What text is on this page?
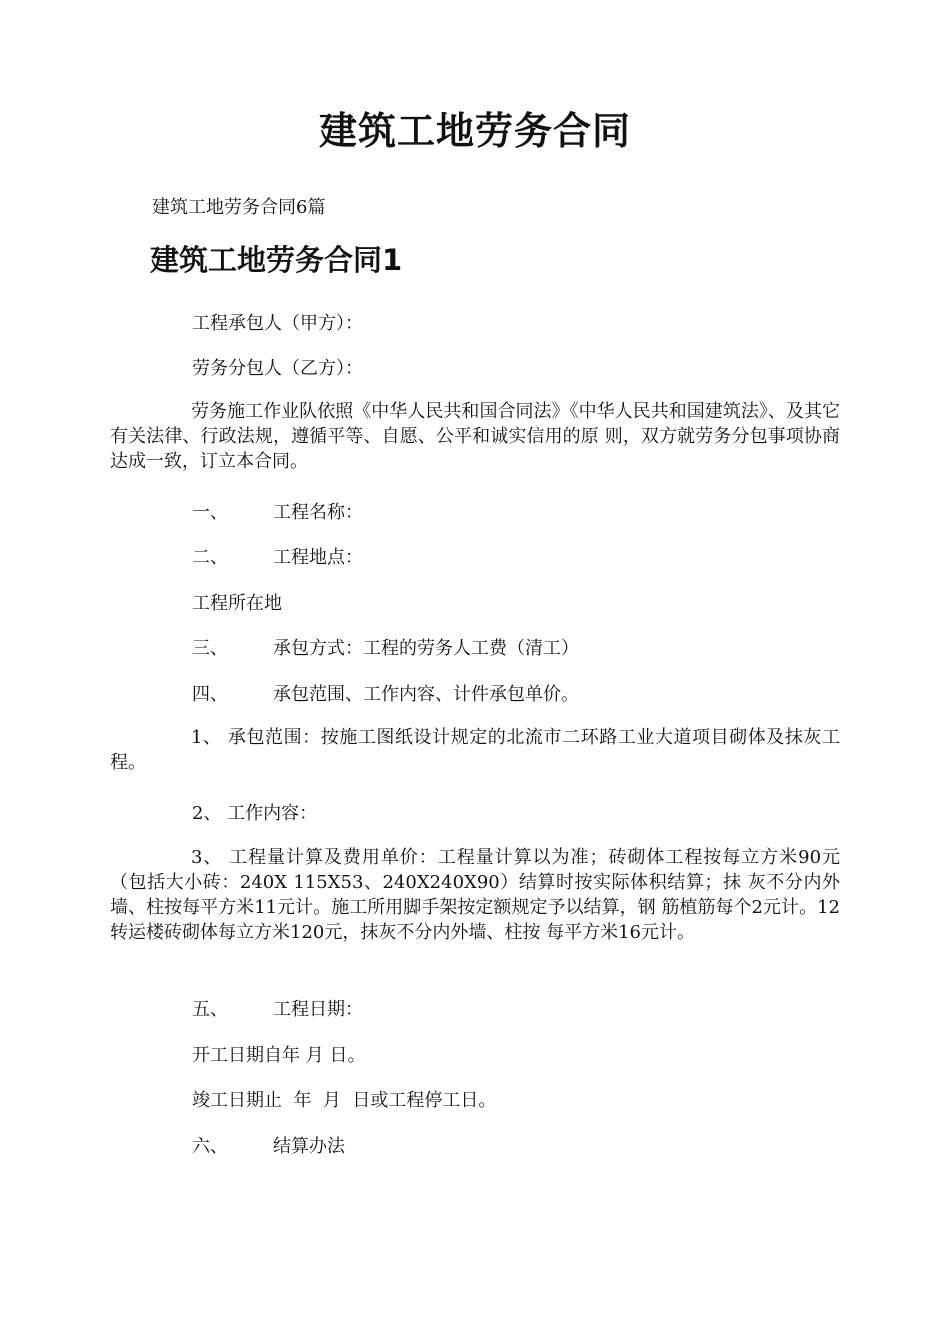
建筑工地劳务合同
建筑工地劳务合同6篇
建筑工地劳务合同1
工程承包人（甲方）：
劳务分包人（乙方）：
劳务施工作业队依照《中华人民共和国合同法》《中华人民共和国建筑法》、及其它有关法律、行政法规，遵循平等、自愿、公平和诚实信用的原 则，双方就劳务分包事项协商达成一致，订立本合同。
一、	工程名称：
二、	工程地点：
工程所在地
三、	承包方式：工程的劳务人工费（清工）
四、	承包范围、工作内容、计件承包单价。
1、 承包范围：按施工图纸设计规定的北流市二环路工业大道项目砌体及抹灰工程。
2、 工作内容：
3、 工程量计算及费用单价：工程量计算以为准；砖砌体工程按每立方米90元（包括大小砖：240X 115X53、240X240X90）结算时按实际体积结算；抹 灰不分内外墙、柱按每平方米11元计。施工所用脚手架按定额规定予以结算，钢 筋植筋每个2元计。12转运楼砖砌体每立方米120元，抹灰不分内外墙、柱按 每平方米16元计。
五、	工程日期：
开工日期自年 月 日。
竣工日期止  年  月  日或工程停工日。
六、	结算办法
